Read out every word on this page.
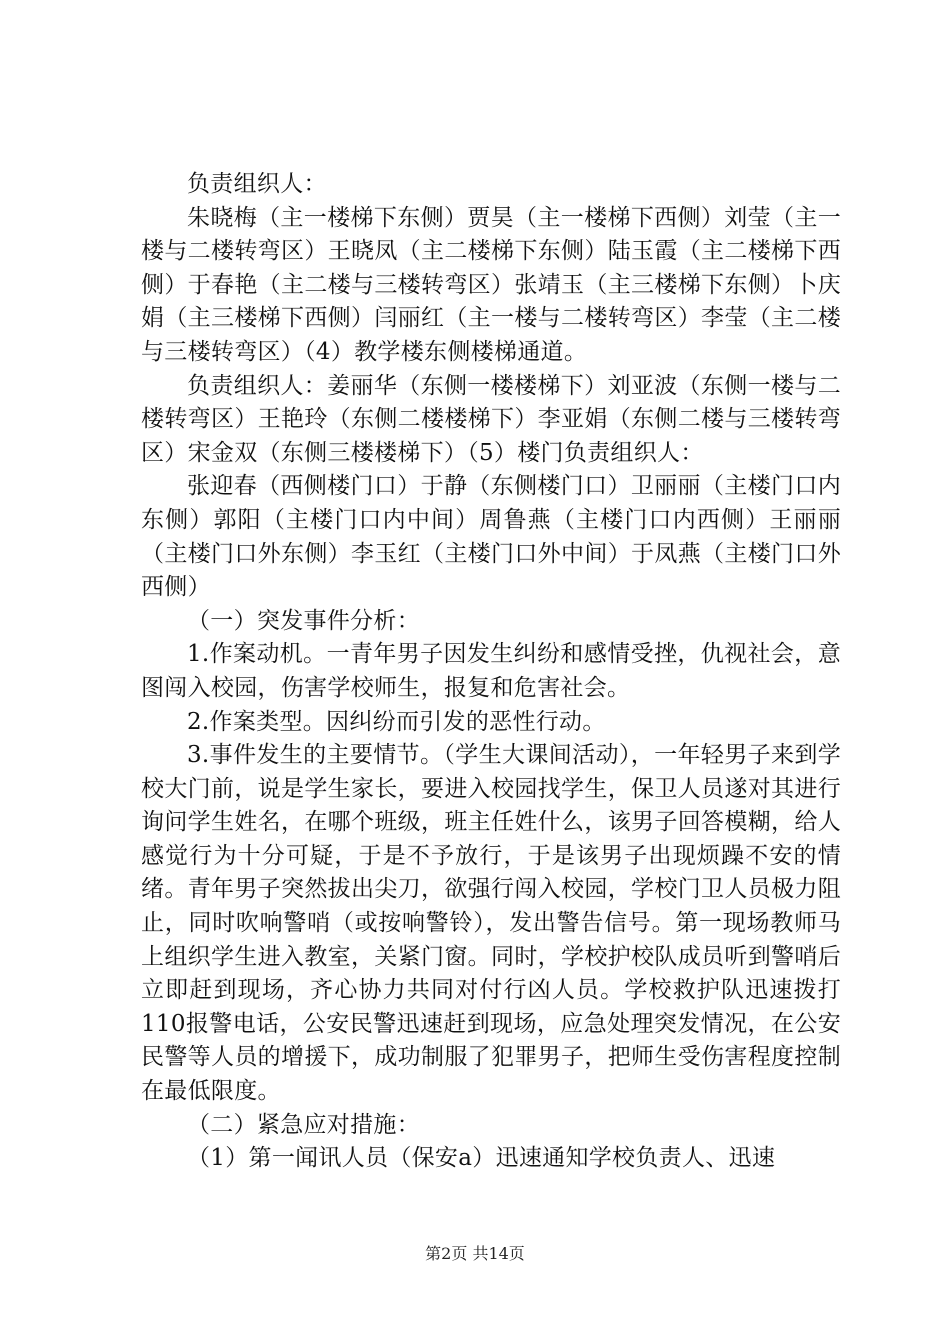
负责组织人：

朱晓梅（主一楼梯下东侧）贾昊（主一楼梯下西侧）刘莹（主一楼与二楼转弯区）王晓凤（主二楼梯下东侧）陆玉霞（主二楼梯下西侧）于春艳（主二楼与三楼转弯区）张靖玉（主三楼梯下东侧）卜庆娟（主三楼梯下西侧）闫丽红（主一楼与二楼转弯区）李莹（主二楼与三楼转弯区）（4）教学楼东侧楼梯通道。

负责组织人：姜丽华（东侧一楼楼梯下）刘亚波（东侧一楼与二楼转弯区）王艳玲（东侧二楼楼梯下）李亚娟（东侧二楼与三楼转弯区）宋金双（东侧三楼楼梯下）（5）楼门负责组织人：

张迎春（西侧楼门口）于静（东侧楼门口）卫丽丽（主楼门口内东侧）郭阳（主楼门口内中间）周鲁燕（主楼门口内西侧）王丽丽（主楼门口外东侧）李玉红（主楼门口外中间）于凤燕（主楼门口外西侧）

（一）突发事件分析：

1.作案动机。一青年男子因发生纠纷和感情受挫，仇视社会，意图闯入校园，伤害学校师生，报复和危害社会。

2.作案类型。因纠纷而引发的恶性行动。

3.事件发生的主要情节。（学生大课间活动），一年轻男子来到学校大门前，说是学生家长，要进入校园找学生，保卫人员遂对其进行询问学生姓名，在哪个班级，班主任姓什么，该男子回答模糊，给人感觉行为十分可疑，于是不予放行，于是该男子出现烦躁不安的情绪。青年男子突然拔出尖刀，欲强行闯入校园，学校门卫人员极力阻止，同时吹响警哨（或按响警铃），发出警告信号。第一现场教师马上组织学生进入教室，关紧门窗。同时，学校护校队成员听到警哨后立即赶到现场，齐心协力共同对付行凶人员。学校救护队迅速拨打110报警电话，公安民警迅速赶到现场，应急处理突发情况，在公安民警等人员的增援下，成功制服了犯罪男子，把师生受伤害程度控制在最低限度。

（二）紧急应对措施：

（1）第一闻讯人员（保安a）迅速通知学校负责人、迅速

第2页 共14页
